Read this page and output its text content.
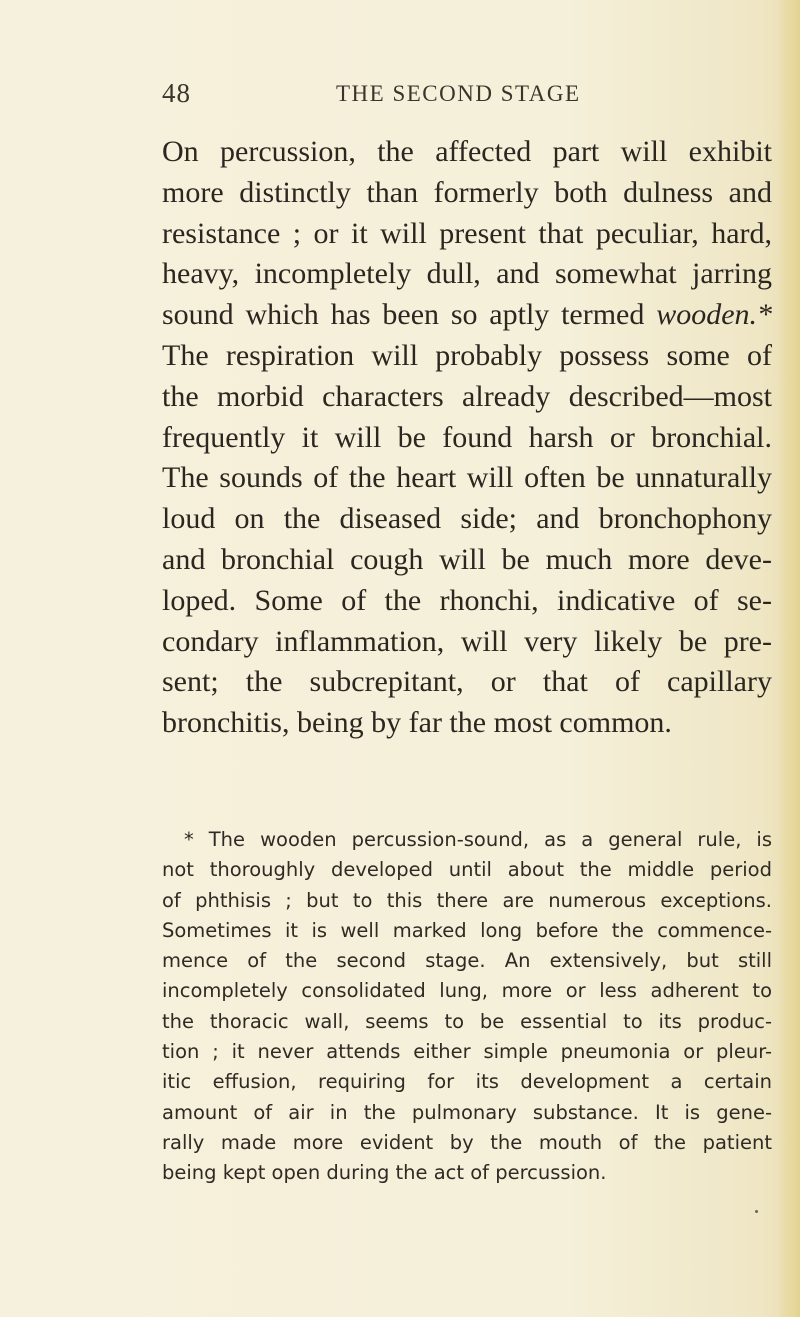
48	THE SECOND STAGE

On percussion, the affected part will exhibit
more distinctly than formerly both dulness and
resistance ; or it will present that peculiar, hard,
heavy, incompletely dull, and somewhat jarring
sound which has been so aptly termed wooden.*
The respiration will probably possess some of
the morbid characters already described—most
frequently it will be found harsh or bronchial.
The sounds of the heart will often be unnaturally
loud on the diseased side; and bronchophony
and bronchial cough will be much more deve-
loped. Some of the rhonchi, indicative of se-
condary inflammation, will very likely be pre-
sent; the subcrepitant, or that of capillary
bronchitis, being by far the most common.

* The wooden percussion-sound, as a general rule, is
not thoroughly developed until about the middle period
of phthisis ; but to this there are numerous exceptions.
Sometimes it is well marked long before the commence-
mence of the second stage. An extensively, but still
incompletely consolidated lung, more or less adherent to
the thoracic wall, seems to be essential to its produc-
tion ; it never attends either simple pneumonia or pleur-
itic effusion, requiring for its development a certain
amount of air in the pulmonary substance. It is gene-
rally made more evident by the mouth of the patient
being kept open during the act of percussion.
